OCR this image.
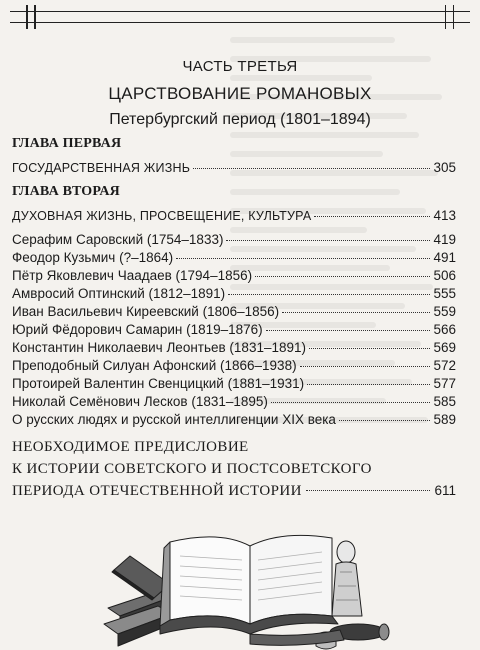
ЧАСТЬ ТРЕТЬЯ
ЦАРСТВОВАНИЕ РОМАНОВЫХ
Петербургский период (1801–1894)
ГЛАВА ПЕРВАЯ
ГОСУДАРСТВЕННАЯ ЖИЗНЬ	305
ГЛАВА ВТОРАЯ
ДУХОВНАЯ ЖИЗНЬ, ПРОСВЕЩЕНИЕ, КУЛЬТУРА	413
Серафим Саровский (1754–1833)	419
Феодор Кузьмич (?–1864)	491
Пётр Яковлевич Чаадаев (1794–1856)	506
Амвросий Оптинский (1812–1891)	555
Иван Васильевич Киреевский (1806–1856)	559
Юрий Фёдорович Самарин (1819–1876)	566
Константин Николаевич Леонтьев (1831–1891)	569
Преподобный Силуан Афонский (1866–1938)	572
Протоирей Валентин Свенцицкий (1881–1931)	577
Николай Семёнович Лесков (1831–1895)	585
О русских людях и русской интеллигенции XIX века	589
НЕОБХОДИМОЕ ПРЕДИСЛОВИЕ
К ИСТОРИИ СОВЕТСКОГО И ПОСТСОВЕТСКОГО
ПЕРИОДА ОТЕЧЕСТВЕННОЙ ИСТОРИИ	611
